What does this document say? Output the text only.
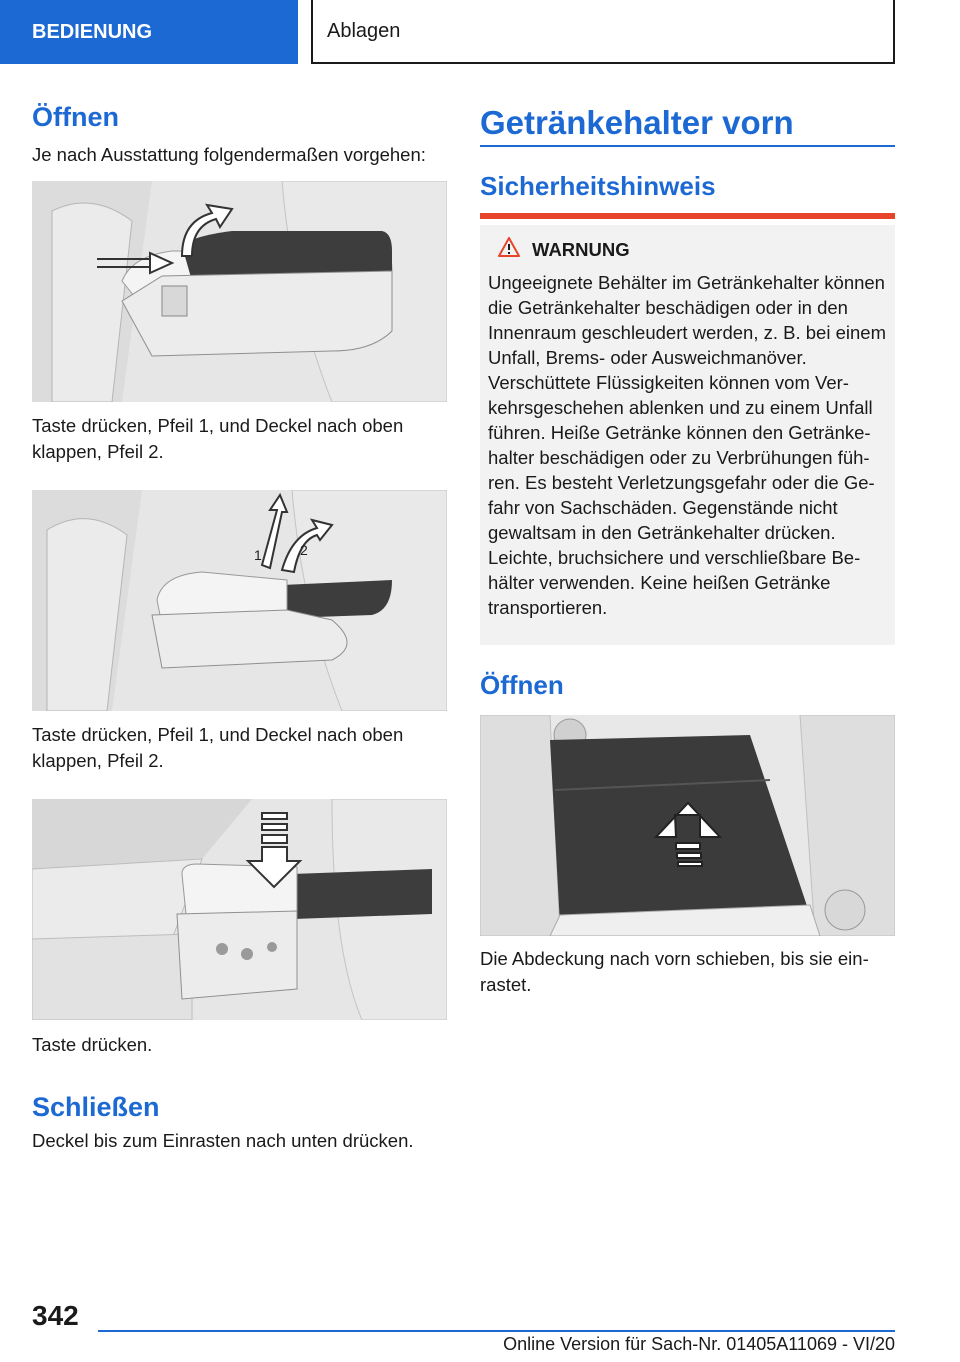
BEDIENUNG	Ablagen
Öffnen

Je nach Ausstattung folgendermaßen vorgehen:

Taste drücken, Pfeil 1, und Deckel nach oben klappen, Pfeil 2.

1	2

Taste drücken, Pfeil 1, und Deckel nach oben klappen, Pfeil 2.

Taste drücken.

Schließen

Deckel bis zum Einrasten nach unten drücken.

Getränkehalter vorn
Sicherheitshinweis
WARNUNG
Ungeeignete Behälter im Getränkehalter können die Getränkehalter beschädigen oder in den Innenraum geschleudert werden, z. B. bei einem Unfall, Brems- oder Ausweichmanöver. Verschüttete Flüssigkeiten können vom Verkehrsgeschehen ablenken und zu einem Unfall führen. Heiße Getränke können den Getränkehalter beschädigen oder zu Verbrühungen führen. Es besteht Verletzungsgefahr oder die Gefahr von Sachschäden. Gegenstände nicht gewaltsam in den Getränkehalter drücken. Leichte, bruchsichere und verschließbare Behälter verwenden. Keine heißen Getränke transportieren.
Öffnen

Die Abdeckung nach vorn schieben, bis sie einrastet.

342
Online Version für Sach-Nr. 01405A11069 - VI/20
